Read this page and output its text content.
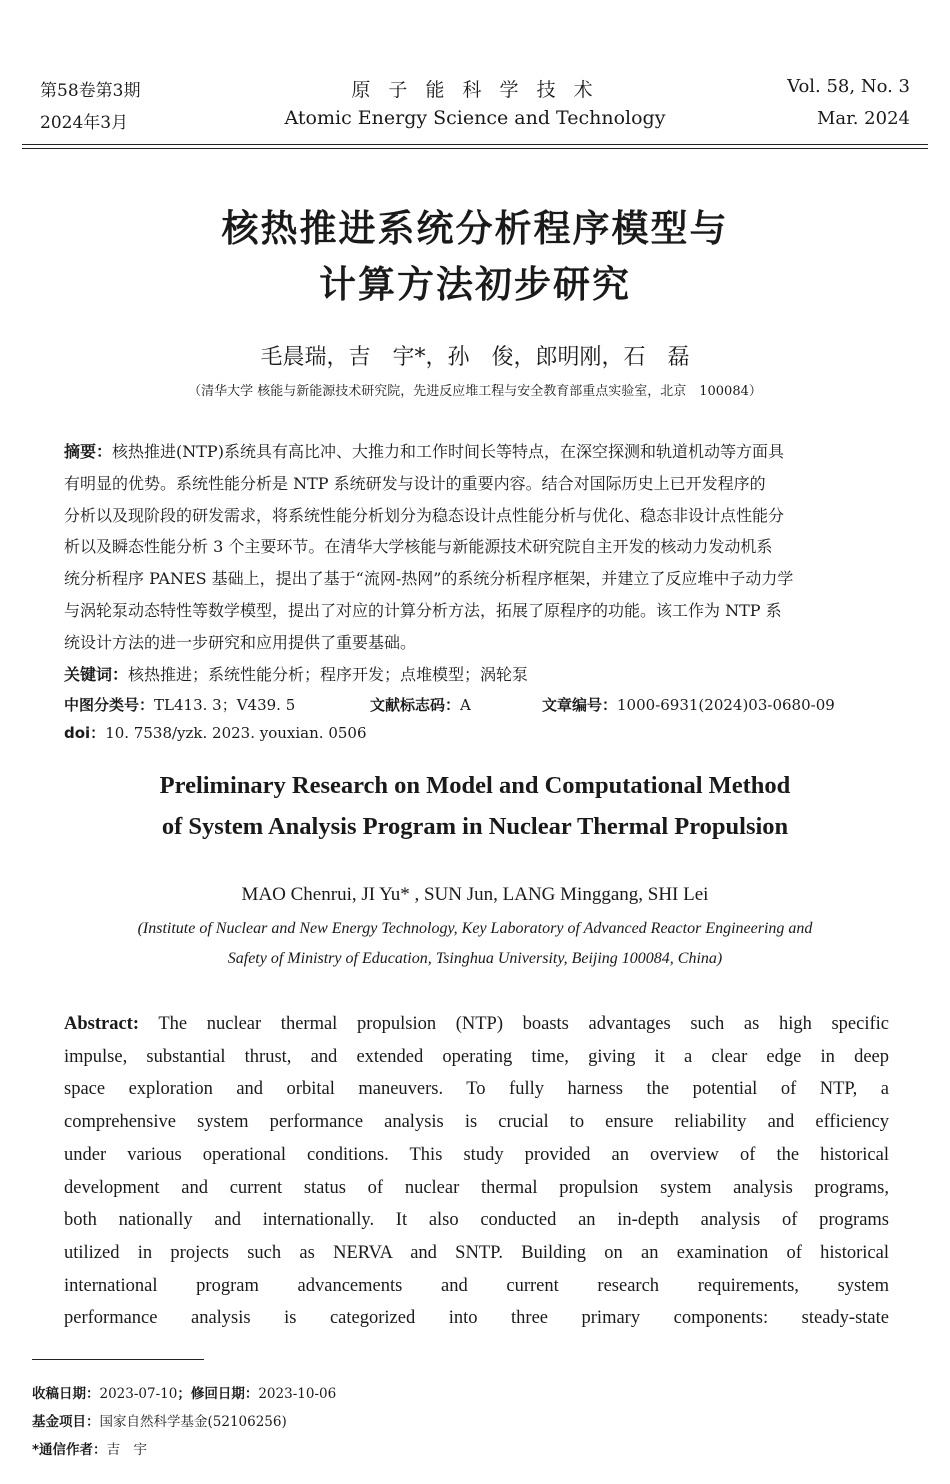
第58卷第3期
2024年3月
原 子 能 科 学 技 术
Atomic Energy Science and Technology
Vol. 58, No. 3
Mar. 2024
核热推进系统分析程序模型与
计算方法初步研究
毛晨瑞，吉　宇*，孙　俊，郎明刚，石　磊
（清华大学 核能与新能源技术研究院，先进反应堆工程与安全教育部重点实验室，北京　100084）
摘要：核热推进(NTP)系统具有高比冲、大推力和工作时间长等特点，在深空探测和轨道机动等方面具
有明显的优势。系统性能分析是 NTP 系统研发与设计的重要内容。结合对国际历史上已开发程序的
分析以及现阶段的研发需求，将系统性能分析划分为稳态设计点性能分析与优化、稳态非设计点性能分
析以及瞬态性能分析 3 个主要环节。在清华大学核能与新能源技术研究院自主开发的核动力发动机系
统分析程序 PANES 基础上，提出了基于“流网-热网”的系统分析程序框架，并建立了反应堆中子动力学
与涡轮泵动态特性等数学模型，提出了对应的计算分析方法，拓展了原程序的功能。该工作为 NTP 系
统设计方法的进一步研究和应用提供了重要基础。
关键词：核热推进；系统性能分析；程序开发；点堆模型；涡轮泵
中图分类号：TL413. 3；V439. 5	文献标志码：A	文章编号：1000-6931(2024)03-0680-09
doi：10. 7538/yzk. 2023. youxian. 0506
Preliminary Research on Model and Computational Method
of System Analysis Program in Nuclear Thermal Propulsion
MAO Chenrui, JI Yu* , SUN Jun, LANG Minggang, SHI Lei
(Institute of Nuclear and New Energy Technology, Key Laboratory of Advanced Reactor Engineering and
Safety of Ministry of Education, Tsinghua University, Beijing 100084, China)
Abstract: The nuclear thermal propulsion (NTP) boasts advantages such as high specific
impulse, substantial thrust, and extended operating time, giving it a clear edge in deep
space exploration and orbital maneuvers. To fully harness the potential of NTP, a
comprehensive system performance analysis is crucial to ensure reliability and efficiency
under various operational conditions. This study provided an overview of the historical
development and current status of nuclear thermal propulsion system analysis programs,
both nationally and internationally. It also conducted an in-depth analysis of programs
utilized in projects such as NERVA and SNTP. Building on an examination of historical
international program advancements and current research requirements, system
performance analysis is categorized into three primary components: steady-state
收稿日期：2023-07-10；修回日期：2023-10-06
基金项目：国家自然科学基金(52106256)
*通信作者：吉　宇
